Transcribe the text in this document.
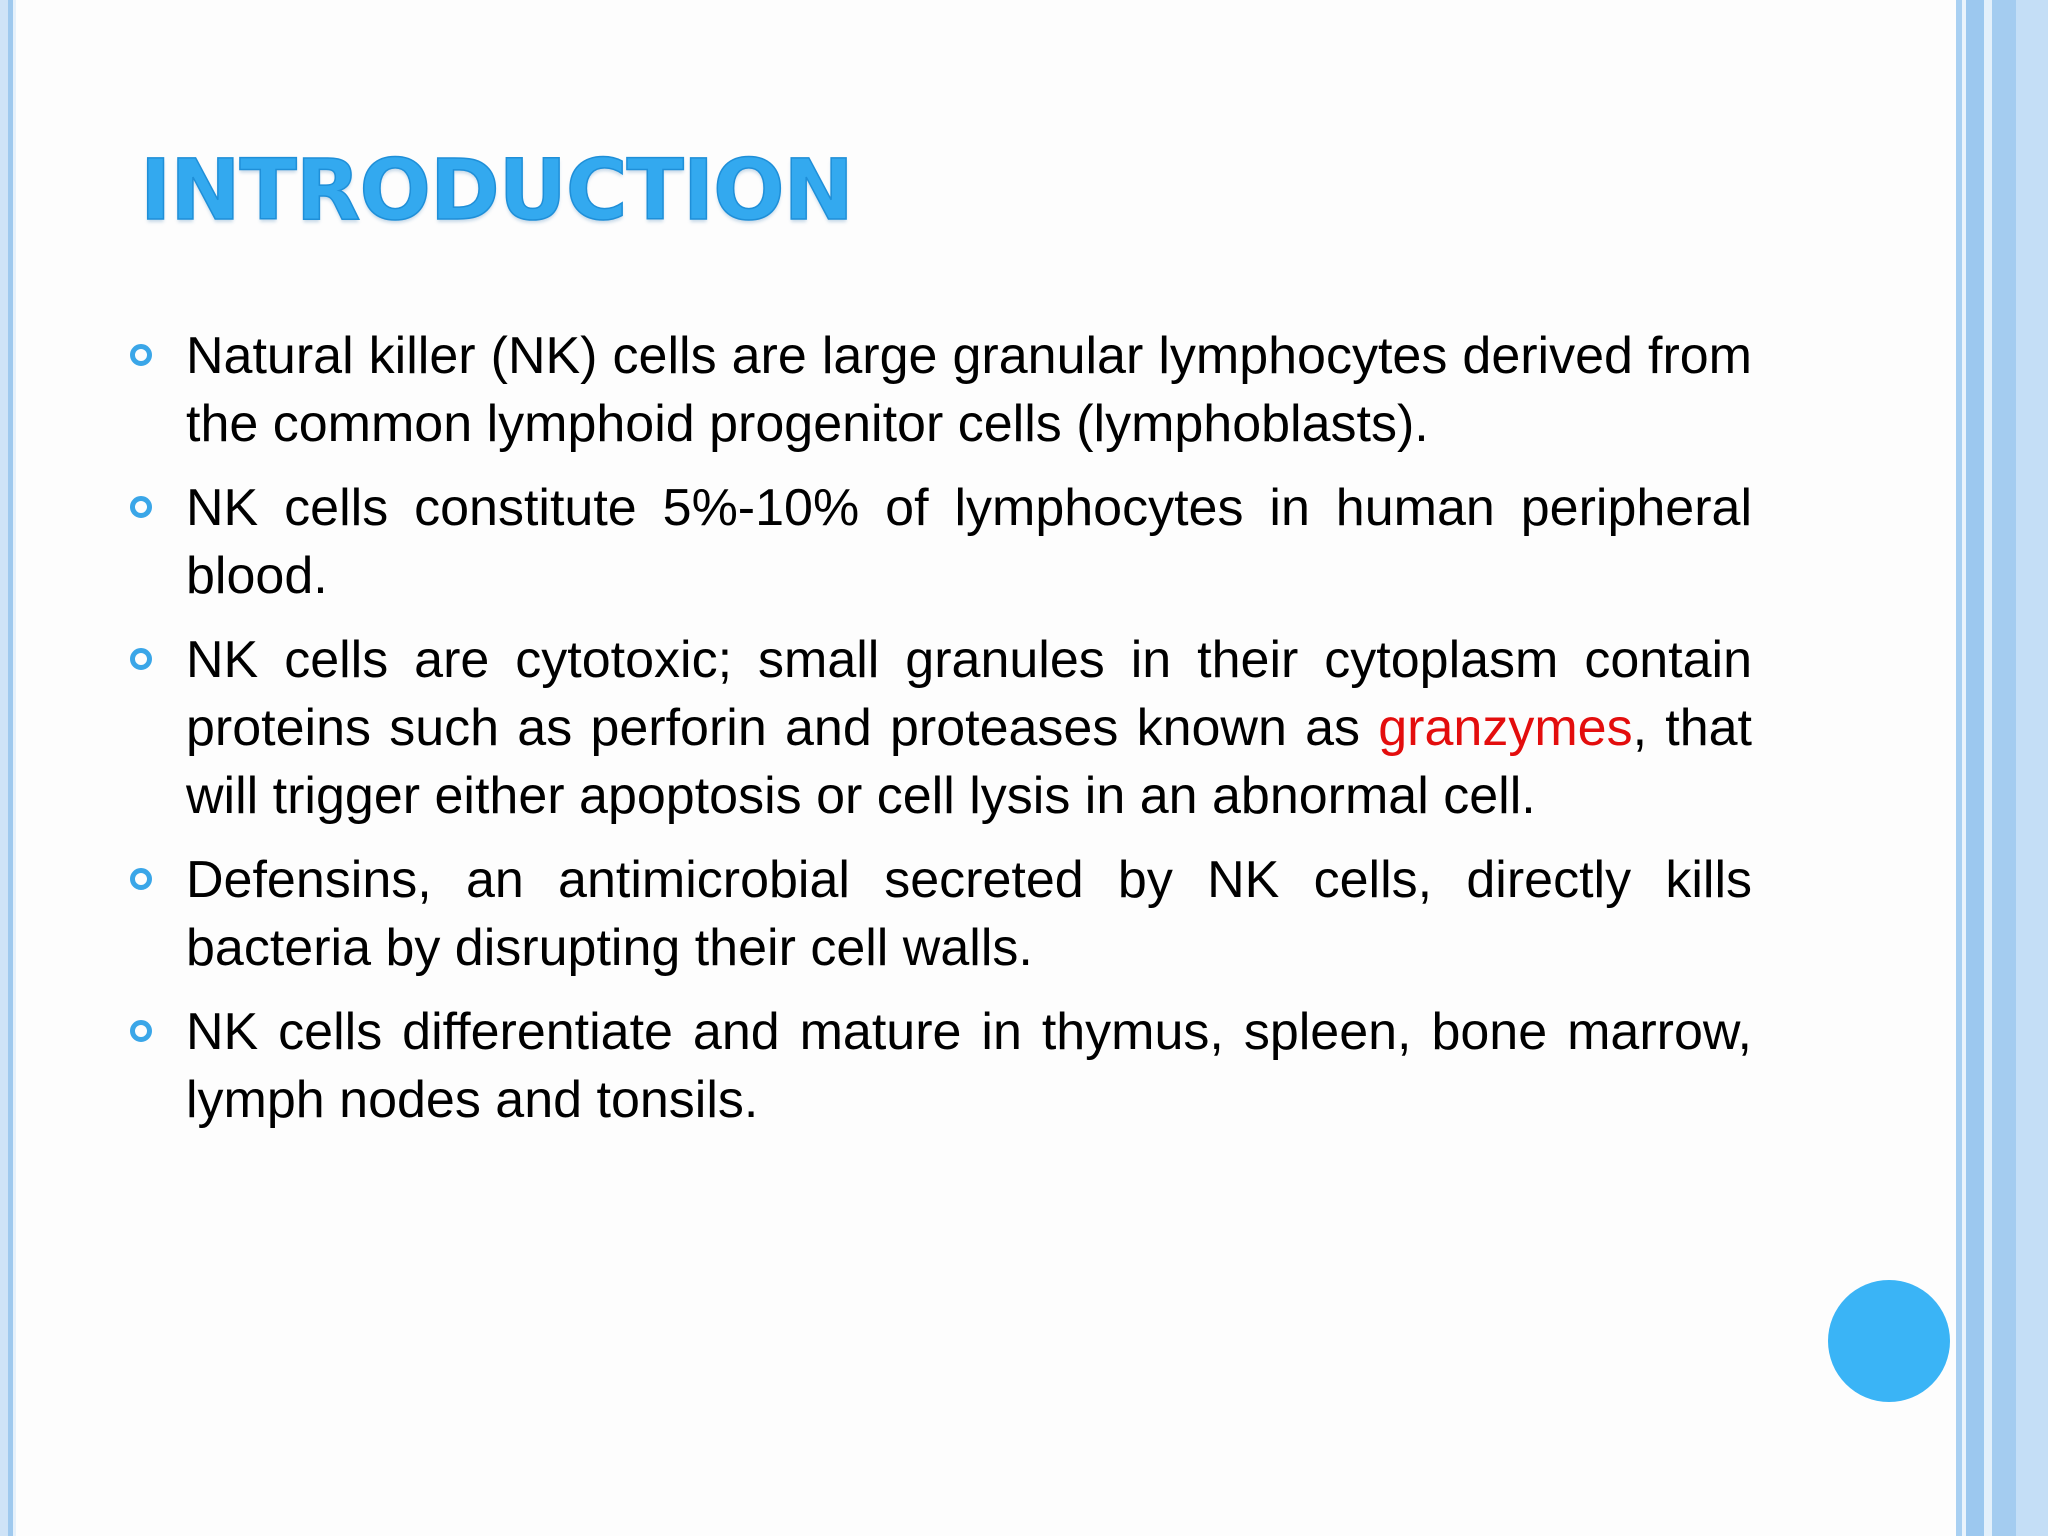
INTRODUCTION
Natural killer (NK) cells are large granular lymphocytes derived from the common lymphoid progenitor cells (lymphoblasts).
NK cells constitute 5%-10% of lymphocytes in human peripheral blood.
NK cells are cytotoxic; small granules in their cytoplasm contain proteins such as perforin and proteases known as granzymes, that will trigger either apoptosis or cell lysis in an abnormal cell.
Defensins, an antimicrobial secreted by NK cells, directly kills bacteria by disrupting their cell walls.
NK cells differentiate and mature in thymus, spleen, bone marrow, lymph nodes and tonsils.
